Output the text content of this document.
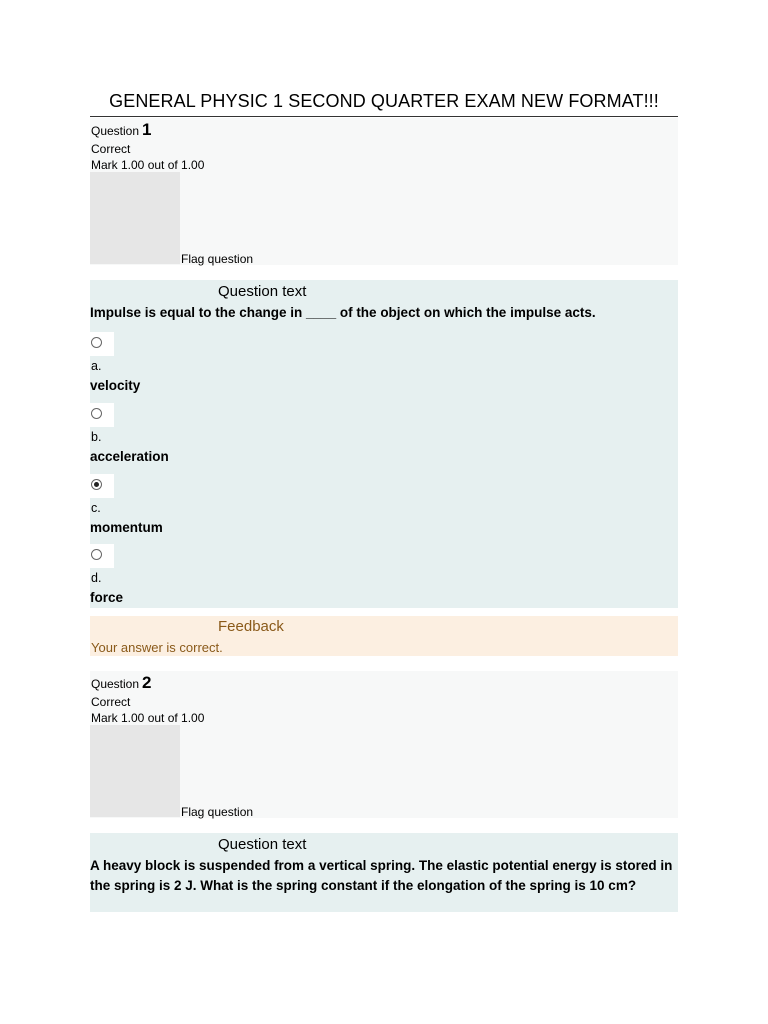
GENERAL PHYSIC 1 SECOND QUARTER EXAM NEW FORMAT!!!
Question 1
Correct
Mark 1.00 out of 1.00
Flag question
Question text
Impulse is equal to the change in ____ of the object on which the impulse acts.
a.
velocity
b.
acceleration
c.
momentum
d.
force
Feedback
Your answer is correct.
Question 2
Correct
Mark 1.00 out of 1.00
Flag question
Question text
A heavy block is suspended from a vertical spring. The elastic potential energy is stored in the spring is 2 J. What is the spring constant if the elongation of the spring is 10 cm?
